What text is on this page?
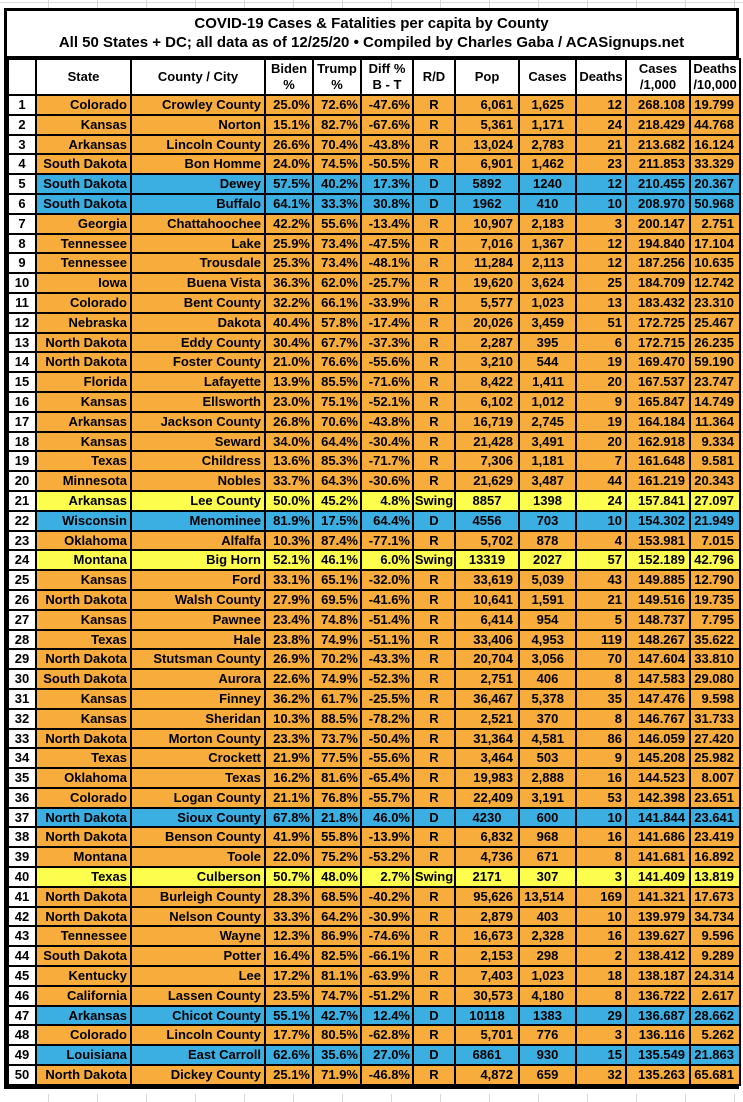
COVID-19 Cases & Fatalities per capita by County
All 50 States + DC; all data as of 12/25/20 • Compiled by Charles Gaba / ACASignups.net

State	County / City

Biden
%

Trump
%

Diff %
B - T

R/D	Pop	Cases	Deaths

Cases
/1,000

Deaths
/10,000

1	Colorado	Crowley County	25.0%	72.6%	-47.6%	R	6,061	1,625	12	268.108	19.799
2	Kansas	Norton	15.1%	82.7%	-67.6%	R	5,361	1,171	24	218.429	44.768
3	Arkansas	Lincoln County	26.6%	70.4%	-43.8%	R	13,024	2,783	21	213.682	16.124
4	South Dakota	Bon Homme	24.0%	74.5%	-50.5%	R	6,901	1,462	23	211.853	33.329
5	South Dakota	Dewey	57.5%	40.2%	17.3%	D	5892	1240	12	210.455	20.367
6	South Dakota	Buffalo	64.1%	33.3%	30.8%	D	1962	410	10	208.970	50.968
7	Georgia	Chattahoochee	42.2%	55.6%	-13.4%	R	10,907	2,183	3	200.147	2.751
8	Tennessee	Lake	25.9%	73.4%	-47.5%	R	7,016	1,367	12	194.840	17.104
9	Tennessee	Trousdale	25.3%	73.4%	-48.1%	R	11,284	2,113	12	187.256	10.635
10	Iowa	Buena Vista	36.3%	62.0%	-25.7%	R	19,620	3,624	25	184.709	12.742
11	Colorado	Bent County	32.2%	66.1%	-33.9%	R	5,577	1,023	13	183.432	23.310
12	Nebraska	Dakota	40.4%	57.8%	-17.4%	R	20,026	3,459	51	172.725	25.467
13	North Dakota	Eddy County	30.4%	67.7%	-37.3%	R	2,287	395	6	172.715	26.235
14	North Dakota	Foster County	21.0%	76.6%	-55.6%	R	3,210	544	19	169.470	59.190
15	Florida	Lafayette	13.9%	85.5%	-71.6%	R	8,422	1,411	20	167.537	23.747
16	Kansas	Ellsworth	23.0%	75.1%	-52.1%	R	6,102	1,012	9	165.847	14.749
17	Arkansas	Jackson County	26.8%	70.6%	-43.8%	R	16,719	2,745	19	164.184	11.364
18	Kansas	Seward	34.0%	64.4%	-30.4%	R	21,428	3,491	20	162.918	9.334
19	Texas	Childress	13.6%	85.3%	-71.7%	R	7,306	1,181	7	161.648	9.581
20	Minnesota	Nobles	33.7%	64.3%	-30.6%	R	21,629	3,487	44	161.219	20.343
21	Arkansas	Lee County	50.0%	45.2%	4.8%	Swing	8857	1398	24	157.841	27.097
22	Wisconsin	Menominee	81.9%	17.5%	64.4%	D	4556	703	10	154.302	21.949
23	Oklahoma	Alfalfa	10.3%	87.4%	-77.1%	R	5,702	878	4	153.981	7.015
24	Montana	Big Horn	52.1%	46.1%	6.0%	Swing	13319	2027	57	152.189	42.796
25	Kansas	Ford	33.1%	65.1%	-32.0%	R	33,619	5,039	43	149.885	12.790
26	North Dakota	Walsh County	27.9%	69.5%	-41.6%	R	10,641	1,591	21	149.516	19.735
27	Kansas	Pawnee	23.4%	74.8%	-51.4%	R	6,414	954	5	148.737	7.795
28	Texas	Hale	23.8%	74.9%	-51.1%	R	33,406	4,953	119	148.267	35.622
29	North Dakota	Stutsman County	26.9%	70.2%	-43.3%	R	20,704	3,056	70	147.604	33.810
30	South Dakota	Aurora	22.6%	74.9%	-52.3%	R	2,751	406	8	147.583	29.080
31	Kansas	Finney	36.2%	61.7%	-25.5%	R	36,467	5,378	35	147.476	9.598
32	Kansas	Sheridan	10.3%	88.5%	-78.2%	R	2,521	370	8	146.767	31.733
33	North Dakota	Morton County	23.3%	73.7%	-50.4%	R	31,364	4,581	86	146.059	27.420
34	Texas	Crockett	21.9%	77.5%	-55.6%	R	3,464	503	9	145.208	25.982
35	Oklahoma	Texas	16.2%	81.6%	-65.4%	R	19,983	2,888	16	144.523	8.007
36	Colorado	Logan County	21.1%	76.8%	-55.7%	R	22,409	3,191	53	142.398	23.651
37	North Dakota	Sioux County	67.8%	21.8%	46.0%	D	4230	600	10	141.844	23.641
38	North Dakota	Benson County	41.9%	55.8%	-13.9%	R	6,832	968	16	141.686	23.419
39	Montana	Toole	22.0%	75.2%	-53.2%	R	4,736	671	8	141.681	16.892
40	Texas	Culberson	50.7%	48.0%	2.7%	Swing	2171	307	3	141.409	13.819
41	North Dakota	Burleigh County	28.3%	68.5%	-40.2%	R	95,626	13,514	169	141.321	17.673
42	North Dakota	Nelson County	33.3%	64.2%	-30.9%	R	2,879	403	10	139.979	34.734
43	Tennessee	Wayne	12.3%	86.9%	-74.6%	R	16,673	2,328	16	139.627	9.596
44	South Dakota	Potter	16.4%	82.5%	-66.1%	R	2,153	298	2	138.412	9.289
45	Kentucky	Lee	17.2%	81.1%	-63.9%	R	7,403	1,023	18	138.187	24.314
46	California	Lassen County	23.5%	74.7%	-51.2%	R	30,573	4,180	8	136.722	2.617
47	Arkansas	Chicot County	55.1%	42.7%	12.4%	D	10118	1383	29	136.687	28.662
48	Colorado	Lincoln County	17.7%	80.5%	-62.8%	R	5,701	776	3	136.116	5.262
49	Louisiana	East Carroll	62.6%	35.6%	27.0%	D	6861	930	15	135.549	21.863
50	North Dakota	Dickey County	25.1%	71.9%	-46.8%	R	4,872	659	32	135.263	65.681
